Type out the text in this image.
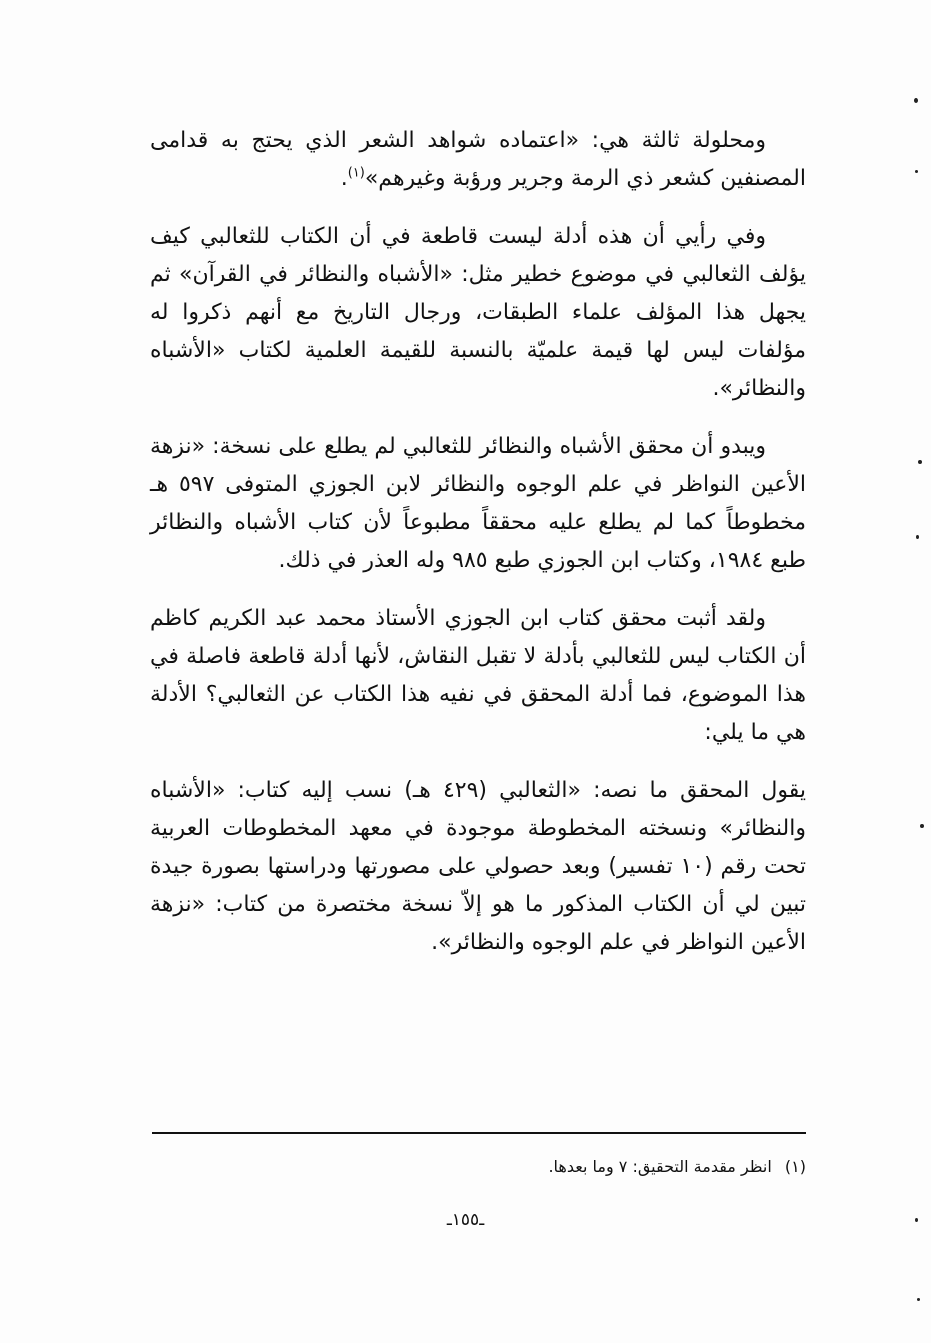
ومحلولة ثالثة هي: «اعتماده شواهد الشعر الذي يحتج به قدامى المصنفين كشعر ذي الرمة وجرير ورؤبة وغيرهم»$^{(١)}$.

وفي رأيي أن هذه أدلة ليست قاطعة في أن الكتاب للثعالبي كيف يؤلف الثعالبي في موضوع خطير مثل: «الأشباه والنظائر في القرآن» ثم يجهل هذا المؤلف علماء الطبقات، ورجال التاريخ مع أنهم ذكروا له مؤلفات ليس لها قيمة علميّة بالنسبة للقيمة العلمية لكتاب «الأشباه والنظائر».

ويبدو أن محقق الأشباه والنظائر للثعالبي لم يطلع على نسخة: «نزهة الأعين النواظر في علم الوجوه والنظائر لابن الجوزي المتوفى ٥٩٧ هـ مخطوطاً كما لم يطلع عليه محققاً مطبوعاً لأن كتاب الأشباه والنظائر طبع ١٩٨٤، وكتاب ابن الجوزي طبع ٩٨٥ وله العذر في ذلك.

ولقد أثبت محقق كتاب ابن الجوزي الأستاذ محمد عبد الكريم كاظم أن الكتاب ليس للثعالبي بأدلة لا تقبل النقاش، لأنها أدلة قاطعة فاصلة في هذا الموضوع، فما أدلة المحقق في نفيه هذا الكتاب عن الثعالبي؟ الأدلة هي ما يلي:

يقول المحقق ما نصه: «الثعالبي (٤٢٩ هـ) نسب إليه كتاب: «الأشباه والنظائر» ونسخته المخطوطة موجودة في معهد المخطوطات العربية تحت رقم (١٠ تفسير) وبعد حصولي على مصورتها ودراستها بصورة جيدة تبين لي أن الكتاب المذكور ما هو إلاّ نسخة مختصرة من كتاب: «نزهة الأعين النواظر في علم الوجوه والنظائر».

(١) انظر مقدمة التحقيق: ٧ وما بعدها.
ـ١٥٥ـ
